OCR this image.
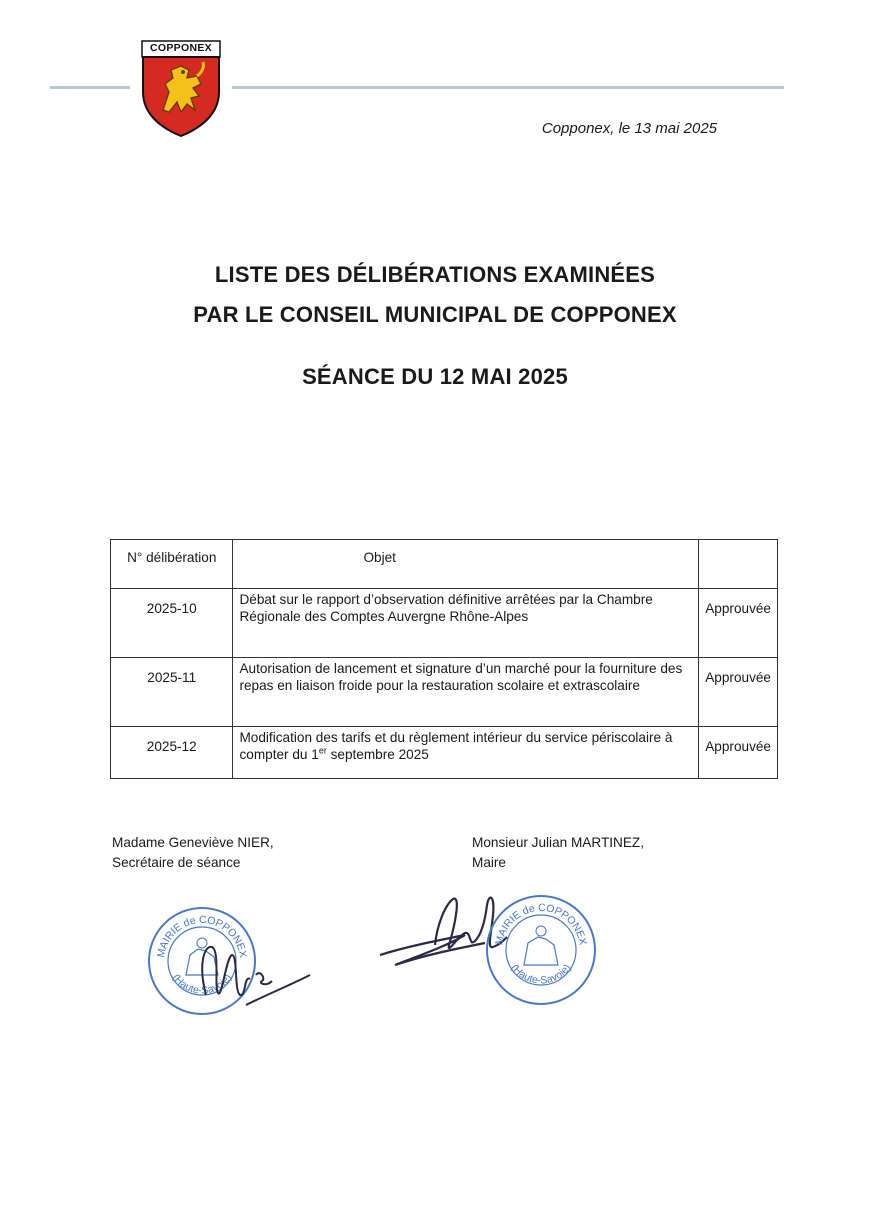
COPPONEX
Copponex, le 13 mai 2025
LISTE DES DÉLIBÉRATIONS EXAMINÉES
PAR LE CONSEIL MUNICIPAL DE COPPONEX
SÉANCE DU 12 MAI 2025
N° délibération	Objet	
2025-10	Débat sur le rapport d’observation définitive arrêtées par la Chambre Régionale des Comptes Auvergne Rhône-Alpes	Approuvée
2025-11	Autorisation de lancement et signature d’un marché pour la fourniture des repas en liaison froide pour la restauration scolaire et extrascolaire	Approuvée
2025-12	Modification des tarifs et du règlement intérieur du service périscolaire à compter du 1er septembre 2025	Approuvée
Madame Geneviève NIER,
Secrétaire de séance
Monsieur Julian MARTINEZ,
Maire
MAIRIE de COPPONEX
(Haute-Savoie)
MAIRIE de COPPONEX
(Haute-Savoie)
